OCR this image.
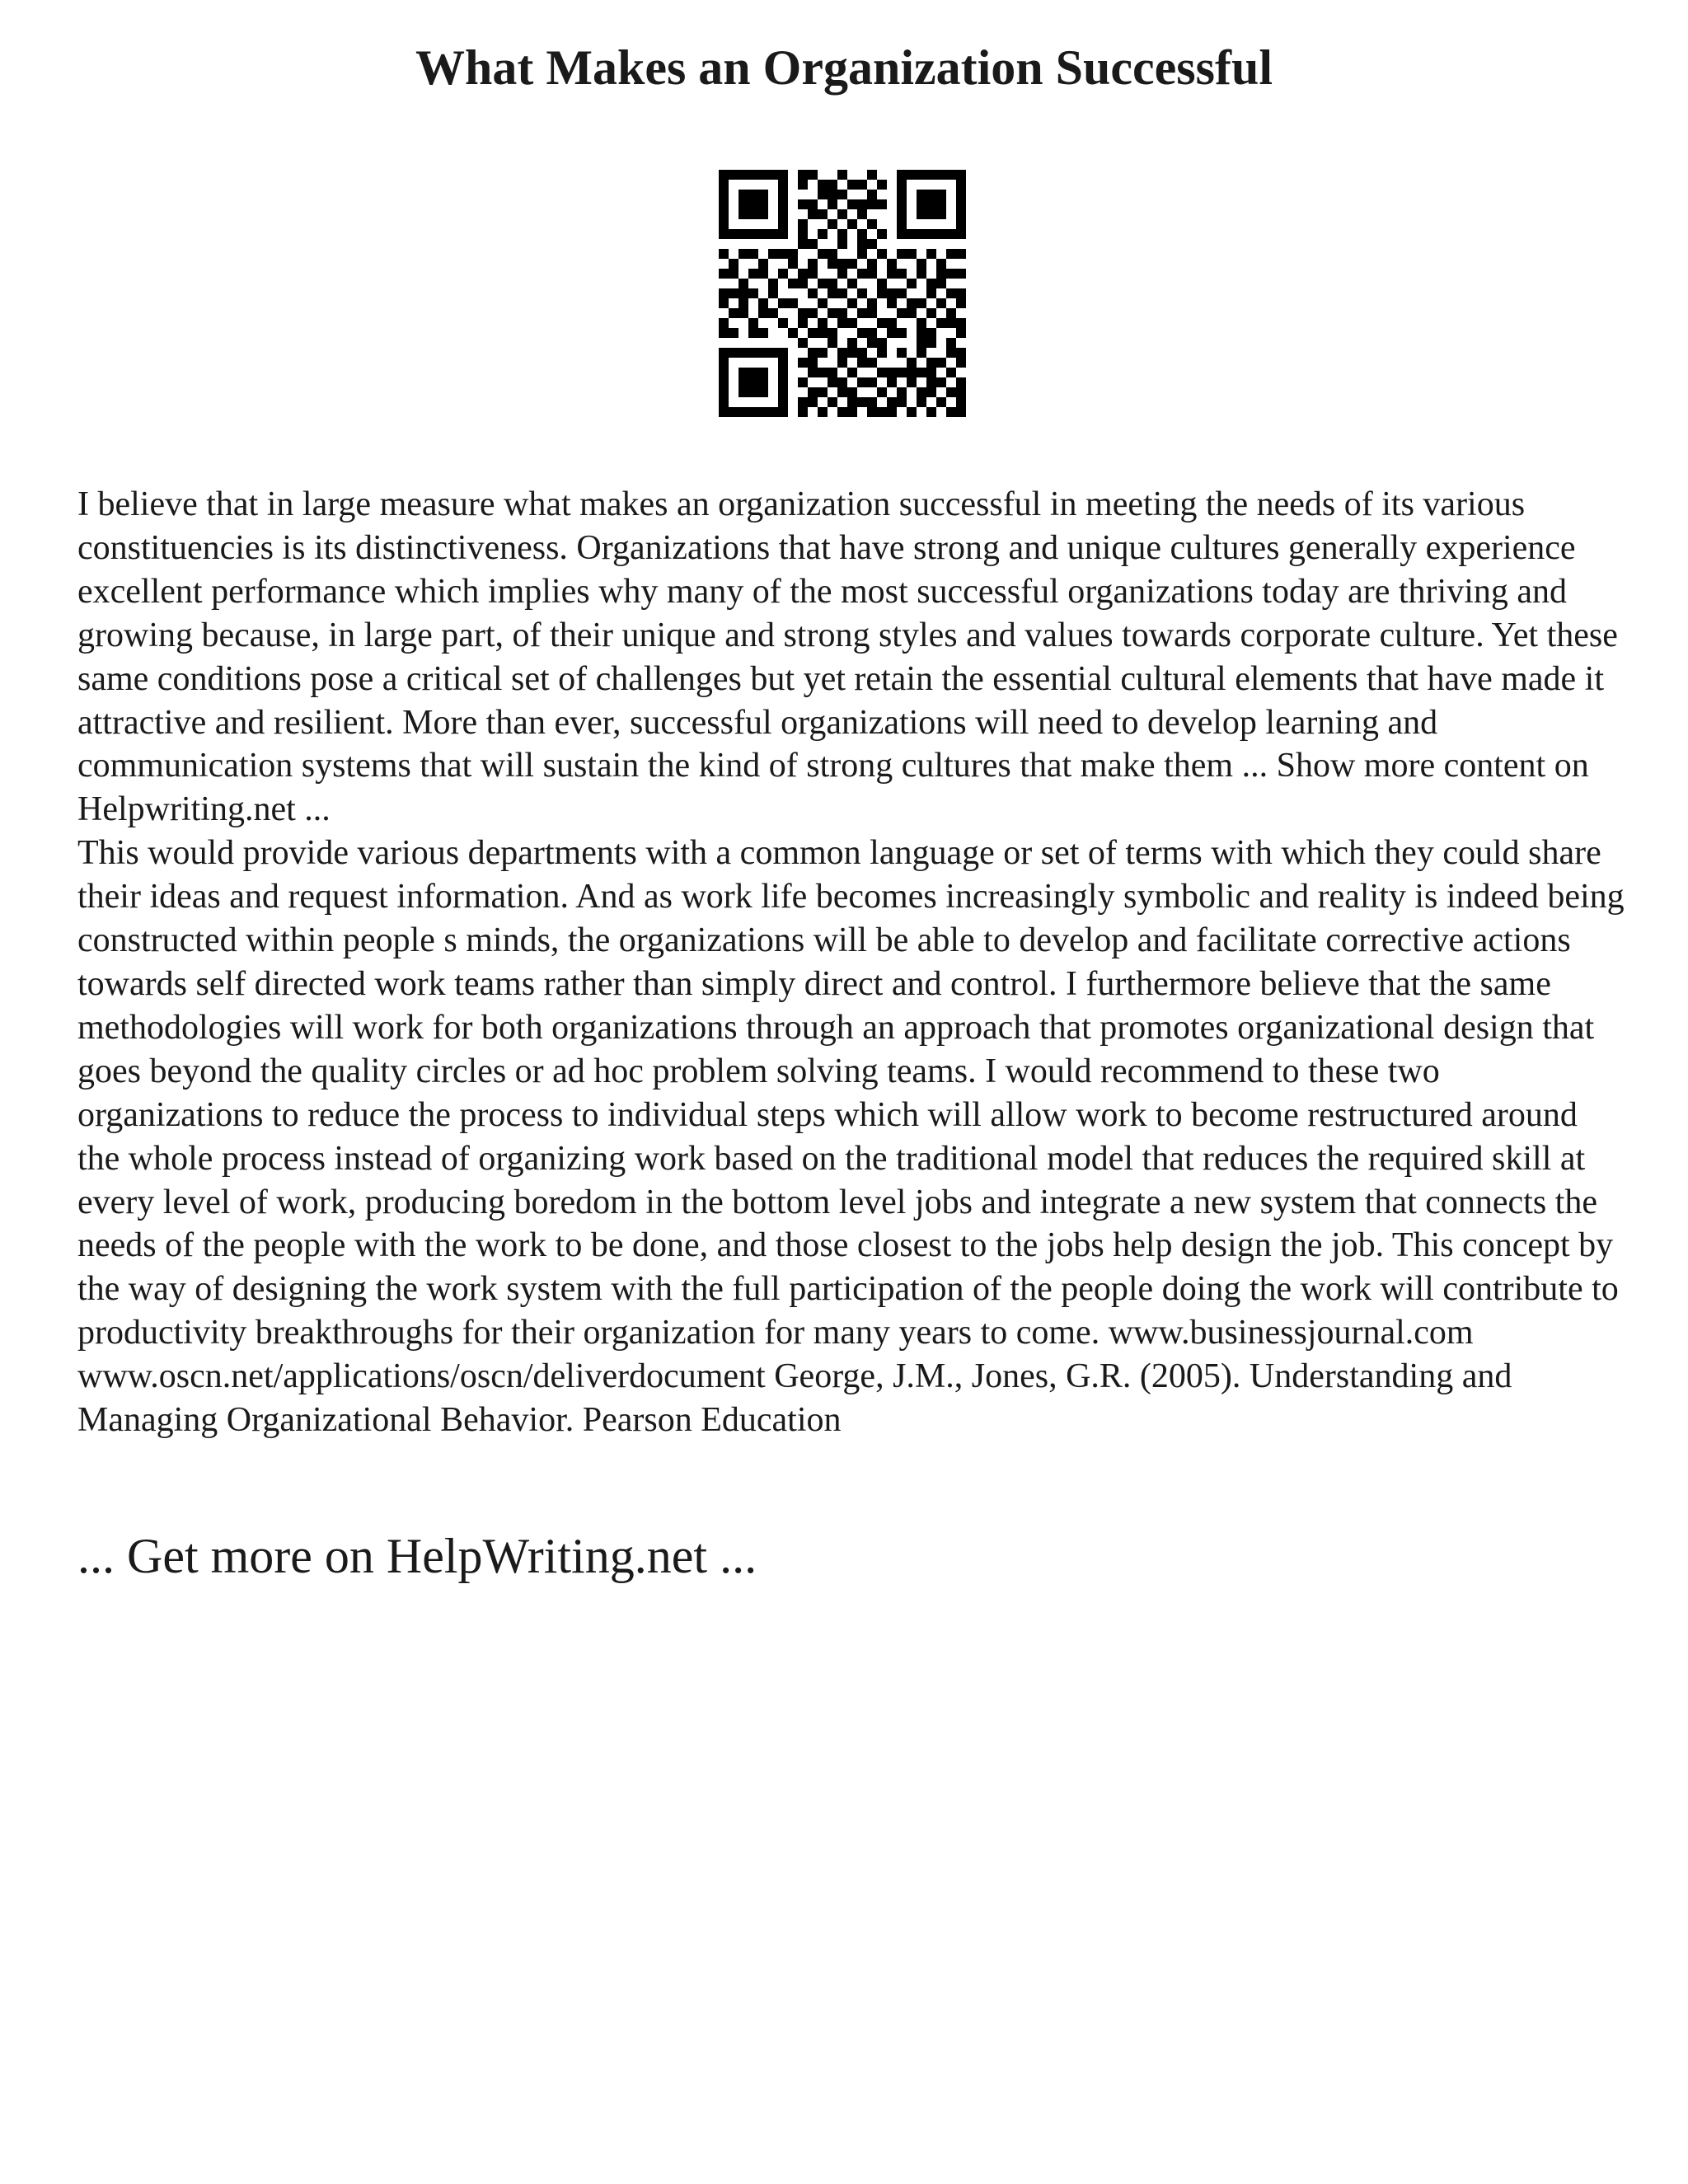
What Makes an Organization Successful

I believe that in large measure what makes an organization successful in meeting the needs of its various constituencies is its distinctiveness. Organizations that have strong and unique cultures generally experience excellent performance which implies why many of the most successful organizations today are thriving and growing because, in large part, of their unique and strong styles and values towards corporate culture. Yet these same conditions pose a critical set of challenges but yet retain the essential cultural elements that have made it attractive and resilient. More than ever, successful organizations will need to develop learning and communication systems that will sustain the kind of strong cultures that make them ... Show more content on Helpwriting.net ...
This would provide various departments with a common language or set of terms with which they could share their ideas and request information. And as work life becomes increasingly symbolic and reality is indeed being constructed within people s minds, the organizations will be able to develop and facilitate corrective actions towards self directed work teams rather than simply direct and control. I furthermore believe that the same methodologies will work for both organizations through an approach that promotes organizational design that goes beyond the quality circles or ad hoc problem solving teams. I would recommend to these two organizations to reduce the process to individual steps which will allow work to become restructured around the whole process instead of organizing work based on the traditional model that reduces the required skill at every level of work, producing boredom in the bottom level jobs and integrate a new system that connects the needs of the people with the work to be done, and those closest to the jobs help design the job. This concept by the way of designing the work system with the full participation of the people doing the work will contribute to productivity breakthroughs for their organization for many years to come. www.businessjournal.com www.oscn.net/applications/oscn/deliverdocument George, J.M., Jones, G.R. (2005). Understanding and Managing Organizational Behavior. Pearson Education

... Get more on HelpWriting.net ...
